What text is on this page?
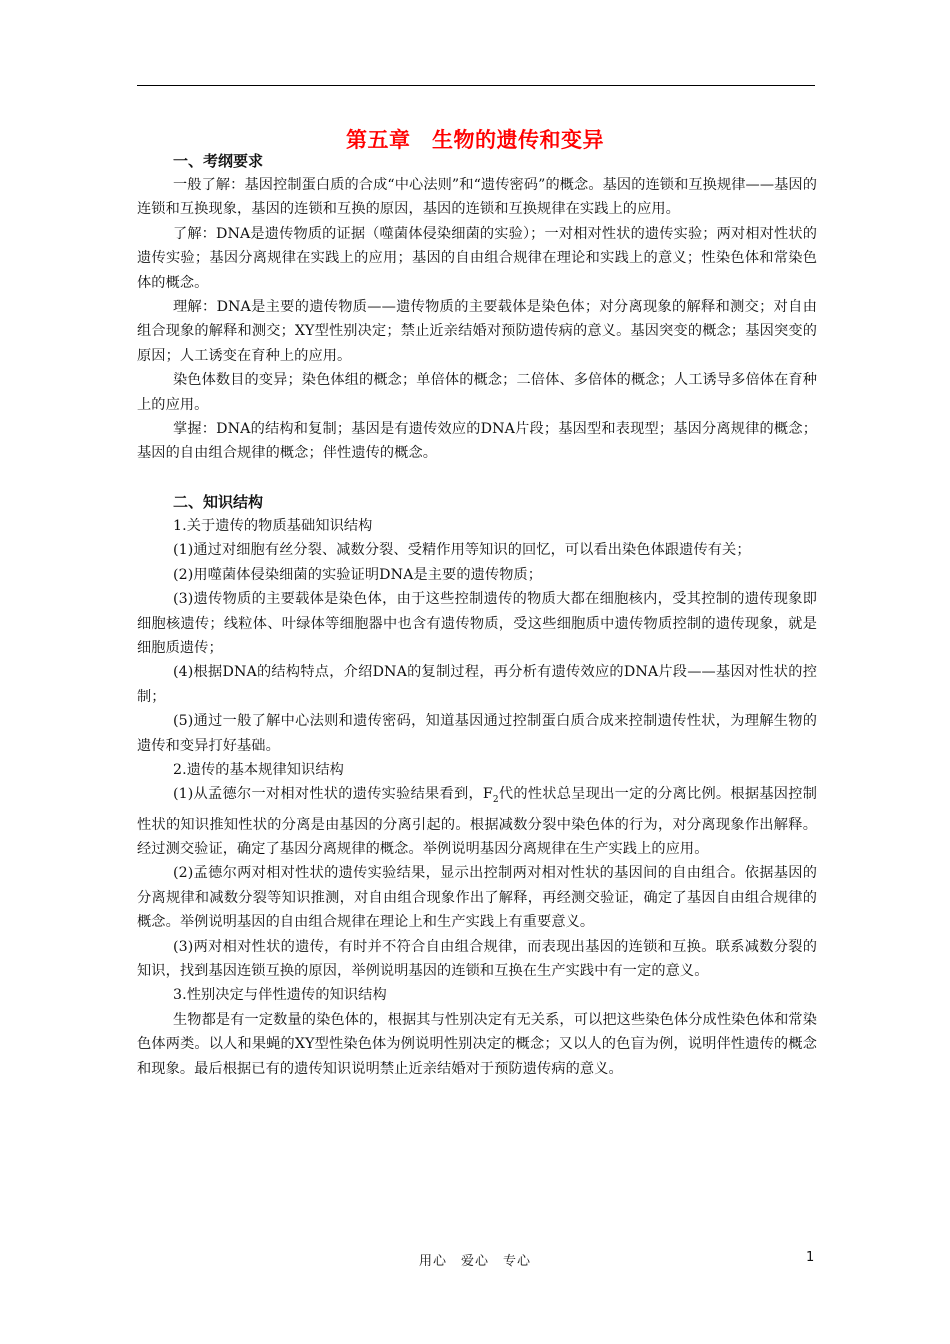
第五章　生物的遗传和变异

一、考纲要求

一般了解：基因控制蛋白质的合成“中心法则”和“遗传密码”的概念。基因的连锁和互换规律——基因的连锁和互换现象，基因的连锁和互换的原因，基因的连锁和互换规律在实践上的应用。

了解：DNA是遗传物质的证据（噬菌体侵染细菌的实验）；一对相对性状的遗传实验；两对相对性状的遗传实验；基因分离规律在实践上的应用；基因的自由组合规律在理论和实践上的意义；性染色体和常染色体的概念。

理解：DNA是主要的遗传物质——遗传物质的主要载体是染色体；对分离现象的解释和测交；对自由组合现象的解释和测交；XY型性别决定；禁止近亲结婚对预防遗传病的意义。基因突变的概念；基因突变的原因；人工诱变在育种上的应用。

染色体数目的变异；染色体组的概念；单倍体的概念；二倍体、多倍体的概念；人工诱导多倍体在育种上的应用。

掌握：DNA的结构和复制；基因是有遗传效应的DNA片段；基因型和表现型；基因分离规律的概念；基因的自由组合规律的概念；伴性遗传的概念。

二、知识结构

1.关于遗传的物质基础知识结构

(1)通过对细胞有丝分裂、减数分裂、受精作用等知识的回忆，可以看出染色体跟遗传有关；

(2)用噬菌体侵染细菌的实验证明DNA是主要的遗传物质；

(3)遗传物质的主要载体是染色体，由于这些控制遗传的物质大都在细胞核内，受其控制的遗传现象即细胞核遗传；线粒体、叶绿体等细胞器中也含有遗传物质，受这些细胞质中遗传物质控制的遗传现象，就是细胞质遗传；

(4)根据DNA的结构特点，介绍DNA的复制过程，再分析有遗传效应的DNA片段——基因对性状的控制；

(5)通过一般了解中心法则和遗传密码，知道基因通过控制蛋白质合成来控制遗传性状，为理解生物的遗传和变异打好基础。

2.遗传的基本规律知识结构

(1)从孟德尔一对相对性状的遗传实验结果看到，$F_2$代的性状总呈现出一定的分离比例。根据基因控制性状的知识推知性状的分离是由基因的分离引起的。根据减数分裂中染色体的行为，对分离现象作出解释。经过测交验证，确定了基因分离规律的概念。举例说明基因分离规律在生产实践上的应用。

(2)孟德尔两对相对性状的遗传实验结果，显示出控制两对相对性状的基因间的自由组合。依据基因的分离规律和减数分裂等知识推测，对自由组合现象作出了解释，再经测交验证，确定了基因自由组合规律的概念。举例说明基因的自由组合规律在理论上和生产实践上有重要意义。

(3)两对相对性状的遗传，有时并不符合自由组合规律，而表现出基因的连锁和互换。联系减数分裂的知识，找到基因连锁互换的原因，举例说明基因的连锁和互换在生产实践中有一定的意义。

3.性别决定与伴性遗传的知识结构

生物都是有一定数量的染色体的，根据其与性别决定有无关系，可以把这些染色体分成性染色体和常染色体两类。以人和果蝇的XY型性染色体为例说明性别决定的概念；又以人的色盲为例，说明伴性遗传的概念和现象。最后根据已有的遗传知识说明禁止近亲结婚对于预防遗传病的意义。

用心　爱心　专心	1
